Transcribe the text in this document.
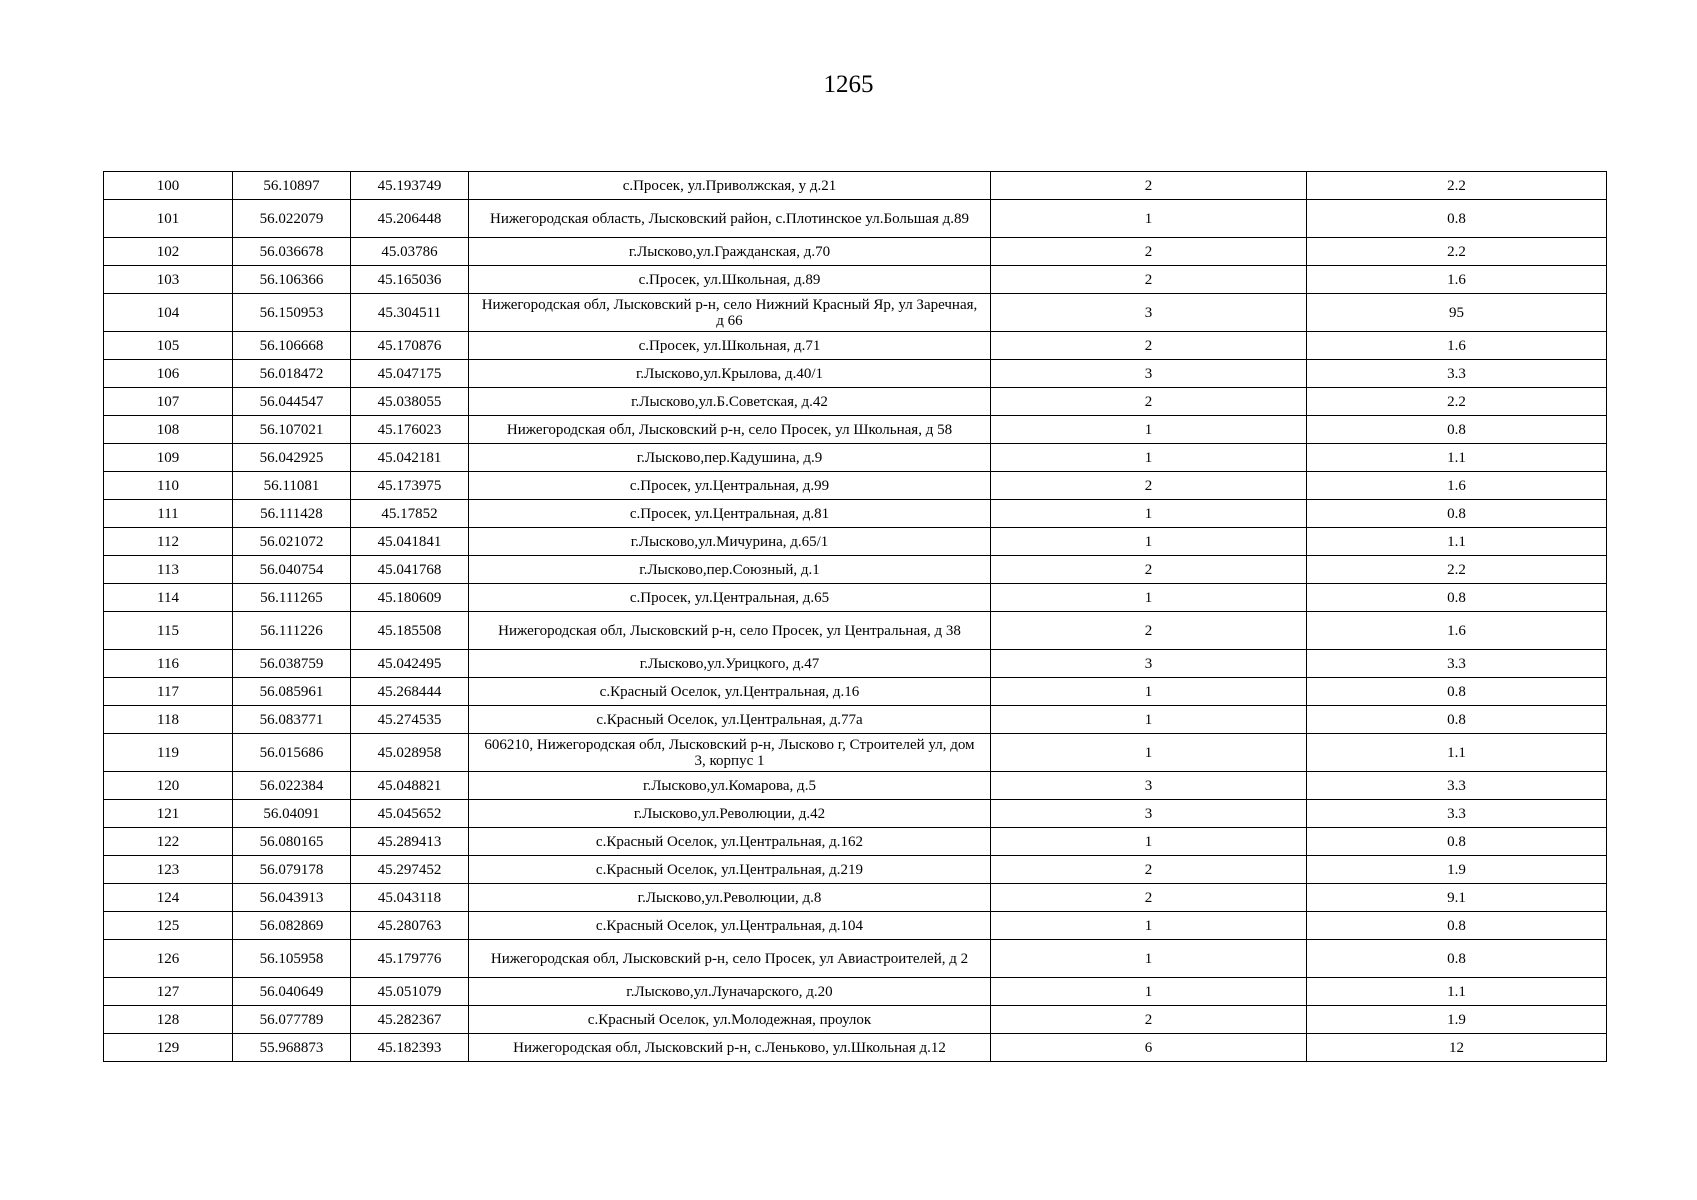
1265
100	56.10897	45.193749	с.Просек, ул.Приволжская, у д.21	2	2.2
101	56.022079	45.206448	Нижегородская область, Лысковский район, с.Плотинское ул.Большая д.89	1	0.8
102	56.036678	45.03786	г.Лысково,ул.Гражданская, д.70	2	2.2
103	56.106366	45.165036	с.Просек, ул.Школьная, д.89	2	1.6
104	56.150953	45.304511	Нижегородская обл, Лысковский р-н, село Нижний Красный Яр, ул Заречная, д 66	3	95
105	56.106668	45.170876	с.Просек, ул.Школьная, д.71	2	1.6
106	56.018472	45.047175	г.Лысково,ул.Крылова, д.40/1	3	3.3
107	56.044547	45.038055	г.Лысково,ул.Б.Советская, д.42	2	2.2
108	56.107021	45.176023	Нижегородская обл, Лысковский р-н, село Просек, ул Школьная, д 58	1	0.8
109	56.042925	45.042181	г.Лысково,пер.Кадушина, д.9	1	1.1
110	56.11081	45.173975	с.Просек, ул.Центральная, д.99	2	1.6
111	56.111428	45.17852	с.Просек, ул.Центральная, д.81	1	0.8
112	56.021072	45.041841	г.Лысково,ул.Мичурина, д.65/1	1	1.1
113	56.040754	45.041768	г.Лысково,пер.Союзный, д.1	2	2.2
114	56.111265	45.180609	с.Просек, ул.Центральная, д.65	1	0.8
115	56.111226	45.185508	Нижегородская обл, Лысковский р-н, село Просек, ул Центральная, д 38	2	1.6
116	56.038759	45.042495	г.Лысково,ул.Урицкого, д.47	3	3.3
117	56.085961	45.268444	с.Красный Оселок, ул.Центральная, д.16	1	0.8
118	56.083771	45.274535	с.Красный Оселок, ул.Центральная, д.77а	1	0.8
119	56.015686	45.028958	606210, Нижегородская обл, Лысковский р-н, Лысково г, Строителей ул, дом 3, корпус 1	1	1.1
120	56.022384	45.048821	г.Лысково,ул.Комарова, д.5	3	3.3
121	56.04091	45.045652	г.Лысково,ул.Революции, д.42	3	3.3
122	56.080165	45.289413	с.Красный Оселок, ул.Центральная, д.162	1	0.8
123	56.079178	45.297452	с.Красный Оселок, ул.Центральная, д.219	2	1.9
124	56.043913	45.043118	г.Лысково,ул.Революции, д.8	2	9.1
125	56.082869	45.280763	с.Красный Оселок, ул.Центральная, д.104	1	0.8
126	56.105958	45.179776	Нижегородская обл, Лысковский р-н, село Просек, ул Авиастроителей, д 2	1	0.8
127	56.040649	45.051079	г.Лысково,ул.Луначарского, д.20	1	1.1
128	56.077789	45.282367	с.Красный Оселок, ул.Молодежная, проулок	2	1.9
129	55.968873	45.182393	Нижегородская обл, Лысковский р-н, с.Леньково, ул.Школьная д.12	6	12
